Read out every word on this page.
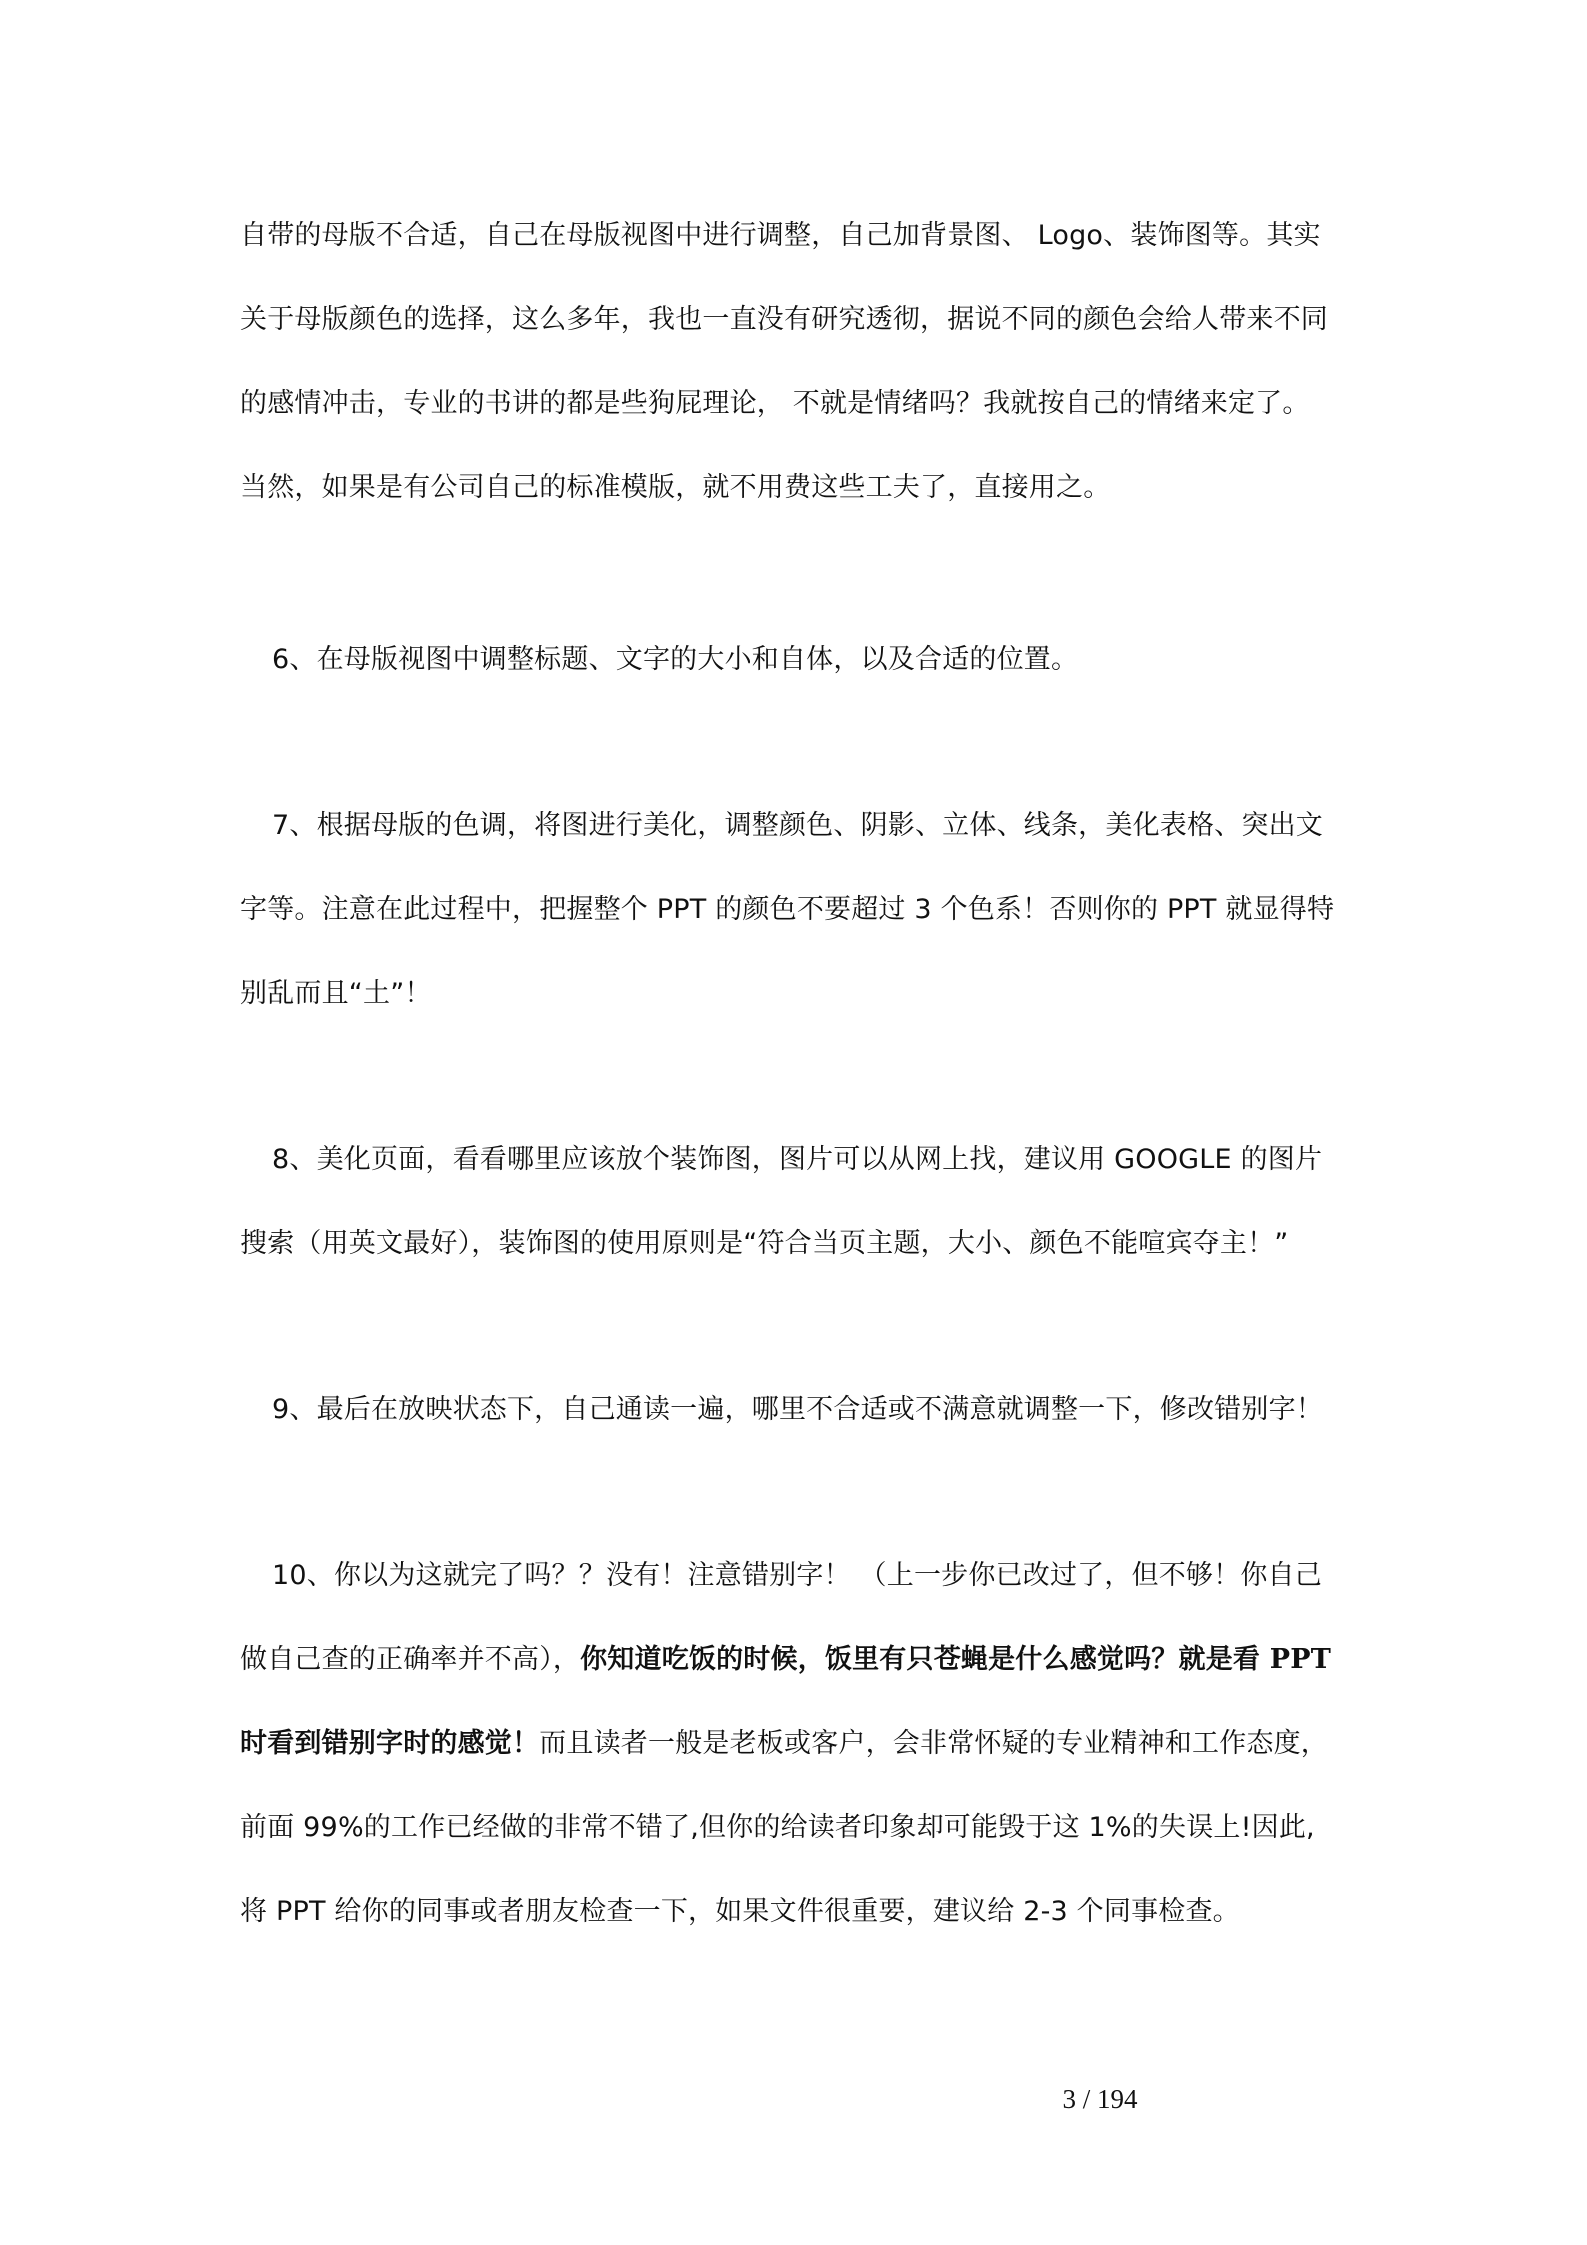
自带的母版不合适，自己在母版视图中进行调整，自己加背景图、 Logo、装饰图等。其实

关于母版颜色的选择，这么多年，我也一直没有研究透彻，据说不同的颜色会给人带来不同

的感情冲击，专业的书讲的都是些狗屁理论， 不就是情绪吗？我就按自己的情绪来定了。

当然，如果是有公司自己的标准模版，就不用费这些工夫了，直接用之。

6、在母版视图中调整标题、文字的大小和自体，以及合适的位置。

7、根据母版的色调，将图进行美化，调整颜色、阴影、立体、线条，美化表格、突出文

字等。注意在此过程中，把握整个 PPT 的颜色不要超过 3 个色系！否则你的 PPT 就显得特

别乱而且“土”！

8、美化页面，看看哪里应该放个装饰图，图片可以从网上找，建议用 GOOGLE 的图片

搜索（用英文最好），装饰图的使用原则是“符合当页主题，大小、颜色不能喧宾夺主！”

9、最后在放映状态下，自己通读一遍，哪里不合适或不满意就调整一下，修改错别字！

10、你以为这就完了吗？？没有！注意错别字！ （上一步你已改过了，但不够！你自己

做自己查的正确率并不高），你知道吃饭的时候，饭里有只苍蝇是什么感觉吗？就是看 PPT

时看到错别字时的感觉！而且读者一般是老板或客户，会非常怀疑的专业精神和工作态度，

前面 99%的工作已经做的非常不错了,但你的给读者印象却可能毁于这 1%的失误上!因此,

将 PPT 给你的同事或者朋友检查一下，如果文件很重要，建议给 2-3 个同事检查。

3 / 194
